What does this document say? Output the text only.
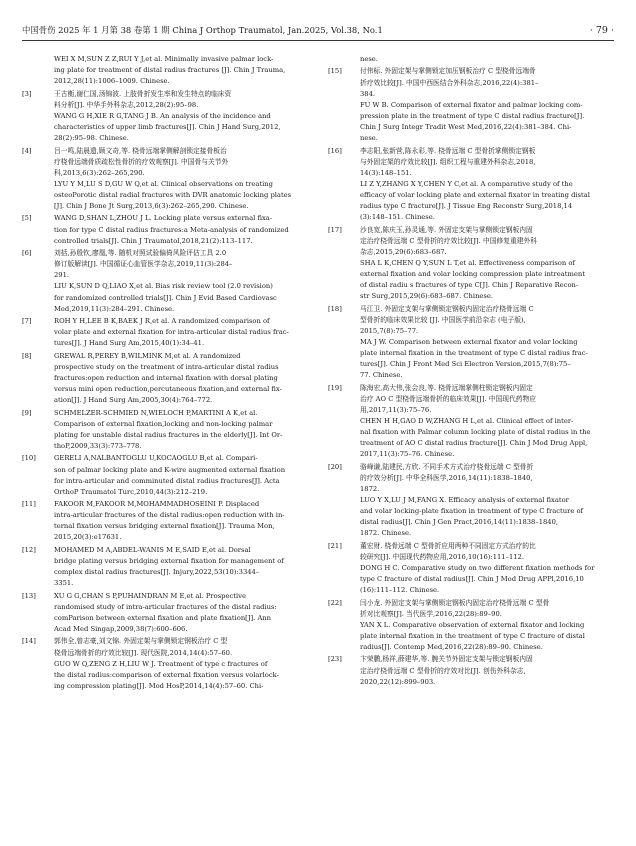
中国骨伤 2025 年 1 月第 38 卷第 1 期 China J Orthop Traumatol, Jan.2025, Vol.38, No.1	· 79 ·
WEI X M,SUN Z Z,RUI Y J,et al. Minimally invasive palmar lock-
ing plate for treatment of distal radius fractures [J]. Chin J Trauma,
2012,28(11):1006–1009. Chinese.
[3]	王古衡,谢仁国,汤锦波. 上肢骨折发生率和发生特点的临床资
料分析[J]. 中华手外科杂志,2012,28(2):95–98.
WANG G H,XIE R G,TANG J B. An analysis of the incidence and
characteristics of upper limb fractures[J]. Chin J Hand Surg,2012,
28(2):95–98. Chinese.
[4]	吕一鸣,陆晨遗,顾文奇,等. 桡骨远端掌侧解剖锁定接骨板治
疗桡骨远端骨质疏松性骨折的疗效观察[J]. 中国骨与关节外
科,2013,6(3):262–265,290.
LYU Y M,LU S D,GU W Q,et al. Clinical observations on treating
osteoPorotic distal radial fractures with DVR anatomic locking plates
[J]. Chin J Bone Jt Surg,2013,6(3):262–265,290. Chinese.
[5]	WANG D,SHAN L,ZHOU J L. Locking plate versus external fixa-
tion for type C distal radius fractures:a Meta-analysis of randomized
controlled trials[J]. Chin J Traumatol,2018,21(2):113–117.
[6]	刘括,孙殷钦,廖凰,等. 随机对照试验偏倚风险评估工具 2.0
修订版解读[J]. 中国循证心血管医学杂志,2019,11(3):284–
291.
LIU K,SUN D Q,LIAO X,et al. Bias risk review tool (2.0 revision)
for randomized controlled trials[J]. Chin J Evid Based Cardiovasc
Med,2019,11(3):284–291. Chinese.
[7]	ROH Y H,LEE B K,BAEK J R,et al. A randomized comparison of
volar plate and external fixation for intra-articular distal radius frac-
tures[J]. J Hand Surg Am,2015,40(1):34–41.
[8]	GREWAL R,PEREY B,WILMINK M,et al. A randomized
prospective study on the treatment of intra-articular distal radius
fractures:open reduction and internal fixation with dorsal plating
versus mini open reduction,percutaneous fixation,and external fix-
ation[J]. J Hand Surg Am,2005,30(4):764–772.
[9]	SCHMELZER-SCHMIED N,WIELOCH P,MARTINI A K,et al.
Comparison of external fixation,locking and non-locking palmar
plating for unstable distal radius fractures in the elderly[J]. Int Or-
thoP,2009,33(3):773–778.
[10]	GERELI A,NALBANTOGLU U,KOCAOGLU B,et al. Compari-
son of palmar locking plate and K-wire augmented external fixation
for intra-articular and comminuted distal radius fractures[J]. Acta
OrthoP Traumatol Turc,2010,44(3):212–219.
[11]	FAKOOR M,FAKOOR M,MOHAMMADHOSEINI P. Displaced
intra-articular fractures of the distal radius:open reduction with in-
ternal fixation versus bridging external fixation[J]. Trauma Mon,
2015,20(3):e17631.
[12]	MOHAMED M A,ABDEL-WANIS M E,SAID E,et al. Dorsal
bridge plating versus bridging external fixation for management of
complex distal radius fractures[J]. Injury,2022,53(10):3344–
3351.
[13]	XU G G,CHAN S P,PUHAINDRAN M E,et al. Prospective
randomised study of intra-articular fractures of the distal radius:
comParison between external fixation and plate fixation[J]. Ann
Acad Med Singap,2009,38(7):600–606.
[14]	郭伟全,曾志豪,刘文锦. 外固定架与掌侧锁定钢板治疗 C 型
桡骨远端骨折的疗效比较[J]. 现代医院,2014,14(4):57–60.
GUO W Q,ZENG Z H,LIU W J. Treatment of type c fractures of
the distal radius:comparison of external fixation versus volarlock-
ing compression plating[J]. Mod HosP,2014,14(4):57–60. Chi-
nese.
[15]	付伟标. 外固定架与掌侧锁定加压钢板治疗 C 型桡骨远端骨
折疗效比较[J]. 中国中西医结合外科杂志,2016,22(4):381–
384.
FU W B. Comparison of external fixator and palmar locking com-
pression plate in the treatment of type C distal radius fracture[J].
Chin J Surg Integr Tradit West Med,2016,22(4):381–384. Chi-
nese.
[16]	李志阳,张新营,陈永彩,等. 桡骨远端 C 型骨折掌侧锁定钢板
与外固定架的疗效比较[J]. 组织工程与重建外科杂志,2018,
14(3):148–151.
LI Z Y,ZHANG X Y,CHEN Y C,et al. A comparative study of the
efficacy of volar locking plate and external fixator in treating distal
radius type C fracture[J]. J Tissue Eng Reconstr Surg,2018,14
(3):148–151. Chinese.
[17]	沙良宽,陈庆玉,孙灵通,等. 外固定支架与掌侧锁定钢板内固
定治疗桡骨远端 C 型骨折的疗效比较[J]. 中国修复重建外科
杂志,2015,29(6):683–687.
SHA L K,CHEN Q Y,SUN L T,et al. Effectiveness comparison of
external fixation and volar locking compression plate intreatment
of distal radiu s fractures of type C[J]. Chin J Reparative Recon-
str Surg,2015,29(6):683–687. Chinese.
[18]	马江卫. 外固定支架与掌侧锁定钢板内固定治疗桡骨远端 C
型骨折的临床效果比较 [J]. 中国医学前沿杂志 (电子版),
2015,7(8):75–77.
MA J W. Comparison between external fixator and volar locking
plate internal fixation in the treatment of type C distal radius frac-
tures[J]. Chin J Front Med Sci Electron Version,2015,7(8):75–
77. Chinese.
[19]	陈海宏,高大伟,张会良,等. 桡骨远端掌侧柱锁定钢板内固定
治疗 AO C 型桡骨远端骨折的临床效果[J]. 中国现代药物应
用,2017,11(3):75–76.
CHEN H H,GAO D W,ZHANG H L,et al. Clinical effect of inter-
nal fixation with Palmar column locking plate of distal radius in the
treatment of AO C distal radius fracture[J]. Chin J Mod Drug Appl,
2017,11(3):75–76. Chinese.
[20]	骆峰谦,陆建民,方欣. 不同手术方式治疗桡骨远端 C 型骨折
的疗效分析[J]. 中华全科医学,2016,14(11):1838–1840,
1872.
LUO Y X,LU J M,FANG X. Efficacy analysis of external fixator
and volar locking-plate fixation in treatment of type C fracture of
distal radius[J]. Chin J Gen Pract,2016,14(11):1838–1840,
1872. Chinese.
[21]	董宏财. 桡骨远端 C 型骨折应用两种不同固定方式治疗的比
较研究[J]. 中国现代药物应用,2016,10(16):111–112.
DONG H C. Comparative study on two different fixation methods for
type C fracture of distal radius[J]. Chin J Mod Drug APPl,2016,10
(16):111–112. Chinese.
[22]	闫小龙. 外固定支架与掌侧锁定钢板内固定治疗桡骨远端 C 型骨
折对比观察[J]. 当代医学,2016,22(28):89–90.
YAN X L. Comparative observation of external fixator and locking
plate internal fixation in the treatment of type C fracture of distal
radius[J]. Contemp Med,2016,22(28):89–90. Chinese.
[23]	卞荣鹏,杨祥,薛建华,等. 腕关节外固定支架与锁定钢板内固
定治疗桡骨远端 C 型骨折的疗效对比[J]. 创伤外科杂志,
2020,22(12):899–903.
